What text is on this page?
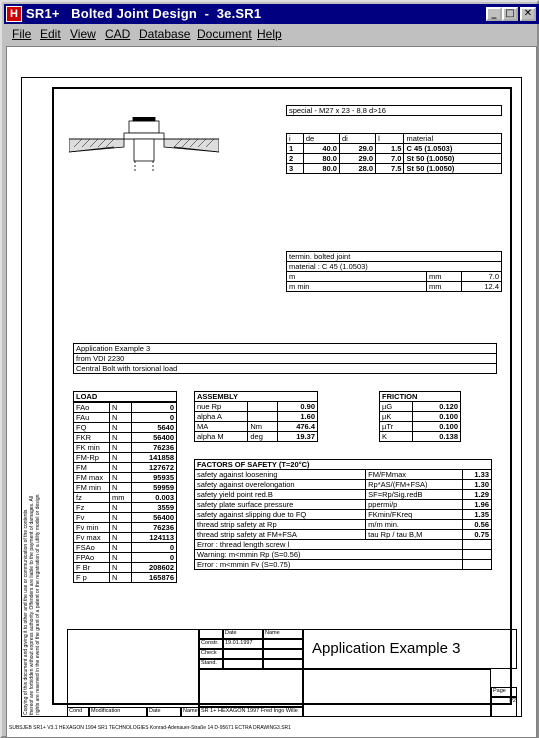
H SR1+   Bolted Joint Design  -  3e.SR1	_ □ ✕
File Edit View CAD Database Document Help
special - M27 x 23 - 8.8 d>16
i	de	di	l	material
1	40.0	29.0	1.5	C 45 (1.0503)
2	80.0	29.0	7.0	St 50 (1.0050)
3	80.0	28.0	7.5	St 50 (1.0050)
termin. bolted joint		
material : C 45 (1.0503)		
m	mm	7.0
m min	mm	12.4
Application Example 3
from VDI 2230
Central Bolt with torsional load
LOAD
FAo	N	0
FAu	N	0
FQ	N	5640
FKR	N	56400
FK min	N	76236
FM-Rp	N	141858
FM	N	127672
FM max	N	95935
FM min	N	59959
fz	mm	0.003
Fz	N	3559
Fv	N	56400
Fv min	N	76236
Fv max	N	124113
FSAo	N	0
FPAo	N	0
F Br	N	208602
F p	N	165876
ASSEMBLY		
nue Rp		0.90
alpha A		1.60
MA	Nm	476.4
alpha M	deg	19.37
FRICTION	
µG	0.120
µK	0.100
µTr	0.100
K	0.138
FACTORS OF SAFETY (T=20°C)		
safety against loosening	FM/FMmax	1.33
safety against overelongation	Rp*AS/(FM+FSA)	1.30
safety yield point red.B	SF=Rp/Sig.redB	1.29
safety plate surface pressure	ppermi/p	1.96
safety against slipping due to FQ	FKmin/FKreq	1.35
thread strip safety at Rp	m/m min.	0.56
thread strip safety at FM+FSA	tau Rp / tau B,M	0.75
Error : thread length screw l		
Warning: m<mmin Rp (S=0.56)		
Error : m<mmin Fv (S=0.75)		
Copying of this document and giving it to other and the use or communication of the contents thereof are forbidden without express authority. Offenders are liable to the payment of damages. All rights are reserved in the event of the grant of a patent or the registration of a utility model or design.	Cond	Modification	Date	Name
Date	Name
Constr.	19.01.1997
Check
Stand.
SR 1+ HEXAGON 1997 Fred Ingo Wille
Application Example 3
Page
P2
SUBSJEB SR1+ V3.1 HEXAGON 1994 SR1 TECHNOLOGIES Konrad-Adenauer-Straße 14 D-95671 ECTRA DRAWING3.SR1
